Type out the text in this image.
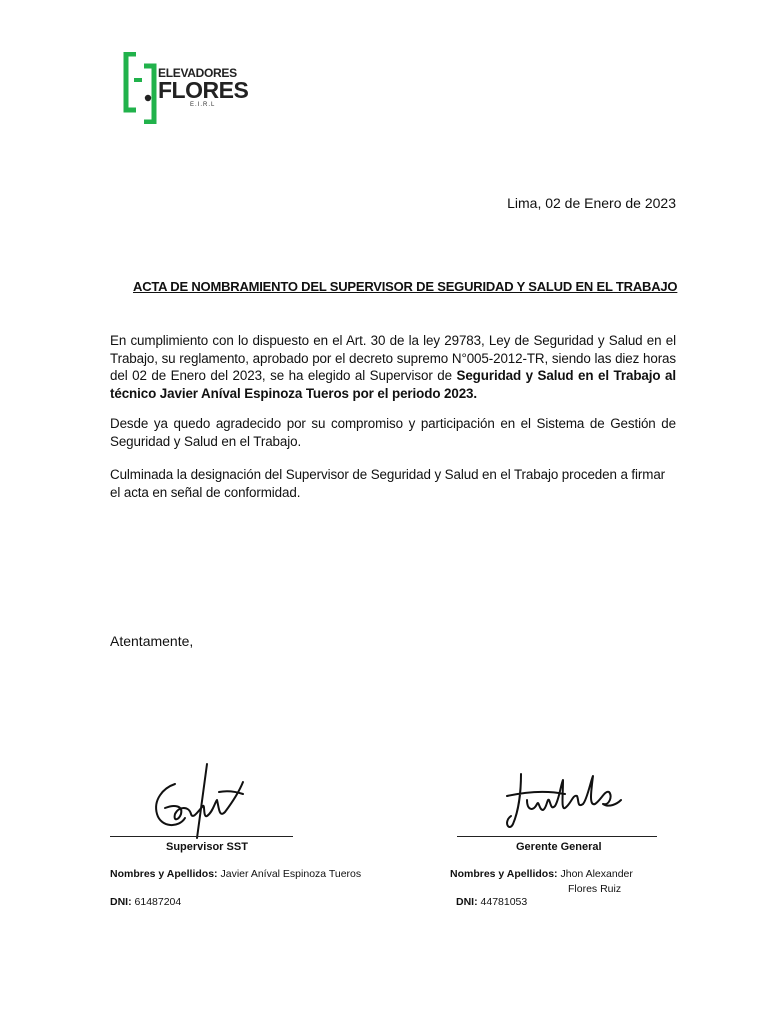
ELEVADORES
FLORES
E.I.R.L
Lima, 02 de Enero de 2023
ACTA DE NOMBRAMIENTO DEL SUPERVISOR DE SEGURIDAD Y SALUD EN EL TRABAJO
En cumplimiento con lo dispuesto en el Art. 30 de la ley 29783, Ley de Seguridad y Salud en el Trabajo, su reglamento, aprobado por el decreto supremo N°005-2012-TR, siendo las diez horas del 02 de Enero del 2023, se ha elegido al Supervisor de Seguridad y Salud en el Trabajo al técnico Javier Aníval Espinoza Tueros por el periodo 2023.
Desde ya quedo agradecido por su compromiso y participación en el Sistema de Gestión de Seguridad y Salud en el Trabajo.
Culminada la designación del Supervisor de Seguridad y Salud en el Trabajo proceden a firmar el acta en señal de conformidad.
Atentamente,
Supervisor SST	Gerente General
Nombres y Apellidos: Javier Aníval Espinoza Tueros
DNI: 61487204
Nombres y Apellidos: Jhon Alexander
Flores Ruiz
DNI: 44781053
